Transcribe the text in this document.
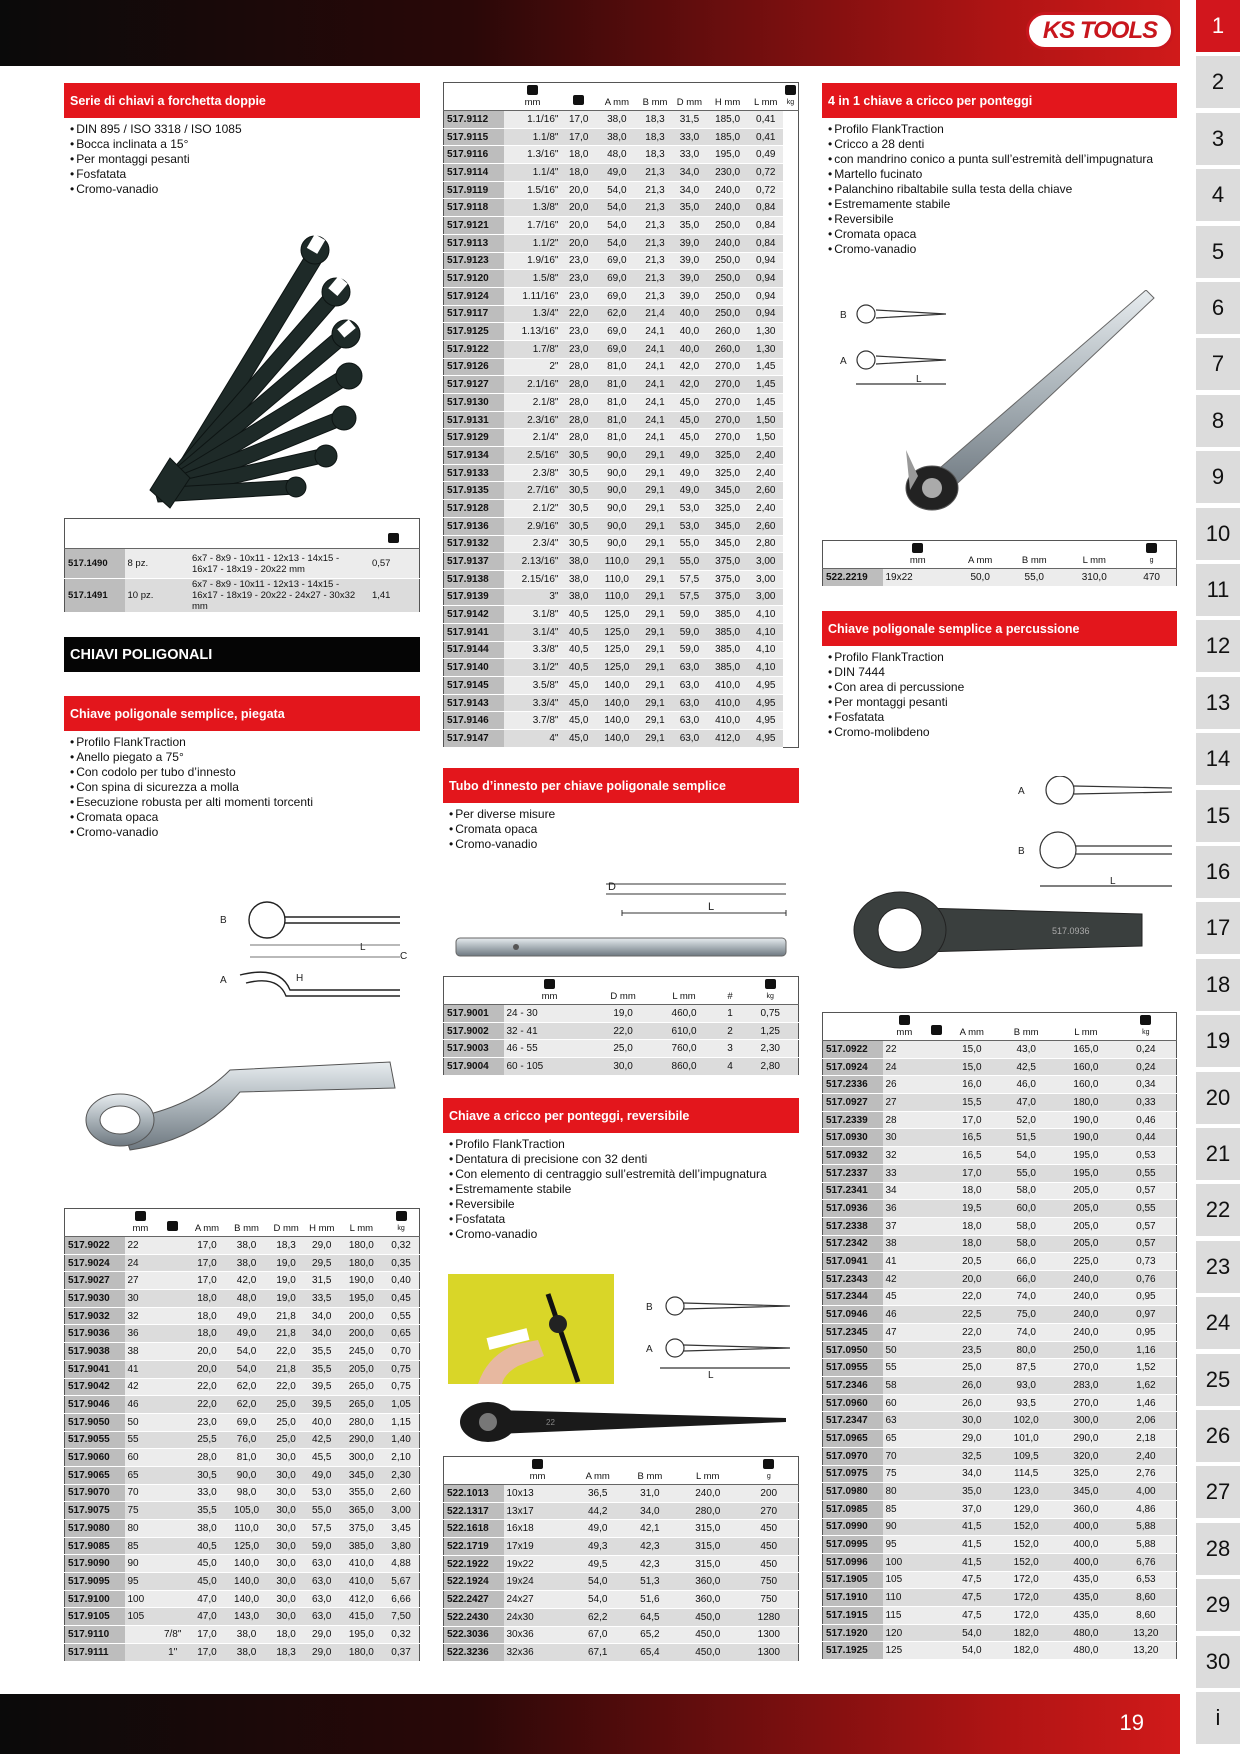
KS TOOLS
19
1
2
3
4
5
6
7
8
9
10
11
12
13
14
15
16
17
18
19
20
21
22
23
24
25
26
27
28
29
30
i
Serie di chiavi a forchetta doppie
• DIN 895 / ISO 3318 / ISO 1085
• Bocca inclinata a 15°
• Per montaggi pesanti
• Fosfatata
• Cromo-vanadio

517.1490	8 pz.	6x7 - 8x9 - 10x11 - 12x13 - 14x15 - 16x17 - 18x19 - 20x22 mm	0,57
517.1491	10 pz.	6x7 - 8x9 - 10x11 - 12x13 - 14x15 - 16x17 - 18x19 - 20x22 - 24x27 - 30x32 mm	1,41
CHIAVI POLIGONALI
Chiave poligonale semplice, piegata
• Profilo FlankTraction
• Anello piegato a 75°
• Con codolo per tubo d’innesto
• Con spina di sicurezza a molla
• Esecuzione robusta per alti momenti torcenti
• Cromata opaca
• Cromo-vanadio
B
A
L
H
C

	mm		A mm	B mm	D mm	H mm	L mm	kg

517.9022	22		17,0	38,0	18,3	29,0	180,0	0,32
517.9024	24		17,0	38,0	19,0	29,5	180,0	0,35
517.9027	27		17,0	42,0	19,0	31,5	190,0	0,40
517.9030	30		18,0	48,0	19,0	33,5	195,0	0,45
517.9032	32		18,0	49,0	21,8	34,0	200,0	0,55
517.9036	36		18,0	49,0	21,8	34,0	200,0	0,65
517.9038	38		20,0	54,0	22,0	35,5	245,0	0,70
517.9041	41		20,0	54,0	21,8	35,5	205,0	0,75
517.9042	42		22,0	62,0	22,0	39,5	265,0	0,75
517.9046	46		22,0	62,0	25,0	39,5	265,0	1,05
517.9050	50		23,0	69,0	25,0	40,0	280,0	1,15
517.9055	55		25,5	76,0	25,0	42,5	290,0	1,40
517.9060	60		28,0	81,0	30,0	45,5	300,0	2,10
517.9065	65		30,5	90,0	30,0	49,0	345,0	2,30
517.9070	70		33,0	98,0	30,0	53,0	355,0	2,60
517.9075	75		35,5	105,0	30,0	55,0	365,0	3,00
517.9080	80		38,0	110,0	30,0	57,5	375,0	3,45
517.9085	85		40,5	125,0	30,0	59,0	385,0	3,80
517.9090	90		45,0	140,0	30,0	63,0	410,0	4,88
517.9095	95		45,0	140,0	30,0	63,0	410,0	5,67
517.9100	100		47,0	140,0	30,0	63,0	412,0	6,66
517.9105	105		47,0	143,0	30,0	63,0	415,0	7,50
517.9110		7/8"	17,0	38,0	18,0	29,0	195,0	0,32
517.9111		1"	17,0	38,0	18,3	29,0	180,0	0,37

	mm		A mm	B mm	D mm	H mm	L mm	kg

517.9112	1.1/16"	17,0	38,0	18,3	31,5	185,0	0,41	
517.9115	1.1/8"	17,0	38,0	18,3	33,0	185,0	0,41	
517.9116	1.3/16"	18,0	48,0	18,3	33,0	195,0	0,49	
517.9114	1.1/4"	18,0	49,0	21,3	34,0	230,0	0,72	
517.9119	1.5/16"	20,0	54,0	21,3	34,0	240,0	0,72	
517.9118	1.3/8"	20,0	54,0	21,3	35,0	240,0	0,84	
517.9121	1.7/16"	20,0	54,0	21,3	35,0	250,0	0,84	
517.9113	1.1/2"	20,0	54,0	21,3	39,0	240,0	0,84	
517.9123	1.9/16"	23,0	69,0	21,3	39,0	250,0	0,94	
517.9120	1.5/8"	23,0	69,0	21,3	39,0	250,0	0,94	
517.9124	1.11/16"	23,0	69,0	21,3	39,0	250,0	0,94	
517.9117	1.3/4"	22,0	62,0	21,4	40,0	250,0	0,94	
517.9125	1.13/16"	23,0	69,0	24,1	40,0	260,0	1,30	
517.9122	1.7/8"	23,0	69,0	24,1	40,0	260,0	1,30	
517.9126	2"	28,0	81,0	24,1	42,0	270,0	1,45	
517.9127	2.1/16"	28,0	81,0	24,1	42,0	270,0	1,45	
517.9130	2.1/8"	28,0	81,0	24,1	45,0	270,0	1,45	
517.9131	2.3/16"	28,0	81,0	24,1	45,0	270,0	1,50	
517.9129	2.1/4"	28,0	81,0	24,1	45,0	270,0	1,50	
517.9134	2.5/16"	30,5	90,0	29,1	49,0	325,0	2,40	
517.9133	2.3/8"	30,5	90,0	29,1	49,0	325,0	2,40	
517.9135	2.7/16"	30,5	90,0	29,1	49,0	345,0	2,60	
517.9128	2.1/2"	30,5	90,0	29,1	53,0	325,0	2,40	
517.9136	2.9/16"	30,5	90,0	29,1	53,0	345,0	2,60	
517.9132	2.3/4"	30,5	90,0	29,1	55,0	345,0	2,80	
517.9137	2.13/16"	38,0	110,0	29,1	55,0	375,0	3,00	
517.9138	2.15/16"	38,0	110,0	29,1	57,5	375,0	3,00	
517.9139	3"	38,0	110,0	29,1	57,5	375,0	3,00	
517.9142	3.1/8"	40,5	125,0	29,1	59,0	385,0	4,10	
517.9141	3.1/4"	40,5	125,0	29,1	59,0	385,0	4,10	
517.9144	3.3/8"	40,5	125,0	29,1	59,0	385,0	4,10	
517.9140	3.1/2"	40,5	125,0	29,1	63,0	385,0	4,10	
517.9145	3.5/8"	45,0	140,0	29,1	63,0	410,0	4,95	
517.9143	3.3/4"	45,0	140,0	29,1	63,0	410,0	4,95	
517.9146	3.7/8"	45,0	140,0	29,1	63,0	410,0	4,95	
517.9147	4"	45,0	140,0	29,1	63,0	412,0	4,95	
Tubo d’innesto per chiave poligonale semplice
• Per diverse misure
• Cromata opaca
• Cromo-vanadio
D
L

	mm	D mm	L mm	#	kg

517.9001	24 - 30	19,0	460,0	1	0,75
517.9002	32 - 41	22,0	610,0	2	1,25
517.9003	46 - 55	25,0	760,0	3	2,30
517.9004	60 - 105	30,0	860,0	4	2,80
Chiave a cricco per ponteggi, reversibile
• Profilo FlankTraction
• Dentatura di precisione con 32 denti
• Con elemento di centraggio sull’estremità dell’impugnatura
• Estremamente stabile
• Reversibile
• Fosfatata
• Cromo-vanadio
B
A
L
22

	mm	A mm	B mm	L mm	g

522.1013	10x13	36,5	31,0	240,0	200
522.1317	13x17	44,2	34,0	280,0	270
522.1618	16x18	49,0	42,1	315,0	450
522.1719	17x19	49,3	42,3	315,0	450
522.1922	19x22	49,5	42,3	315,0	450
522.1924	19x24	54,0	51,3	360,0	750
522.2427	24x27	54,0	51,6	360,0	750
522.2430	24x30	62,2	64,5	450,0	1280
522.3036	30x36	67,0	65,2	450,0	1300
522.3236	32x36	67,1	65,4	450,0	1300
4 in 1 chiave a cricco per ponteggi
• Profilo FlankTraction
• Cricco a 28 denti
• con mandrino conico a punta sull’estremità dell’impugnatura
• Martello fucinato
• Palanchino ribaltabile sulla testa della chiave
• Estremamente stabile
• Reversibile
• Cromata opaca
• Cromo-vanadio
B
A
L

	mm	A mm	B mm	L mm	g

522.2219	19x22	50,0	55,0	310,0	470
Chiave poligonale semplice a percussione
• Profilo FlankTraction
• DIN 7444
• Con area di percussione
• Per montaggi pesanti
• Fosfatata
• Cromo-molibdeno
A
B
L
517.0936

	mm		A mm	B mm	L mm	kg

517.0922	22		15,0	43,0	165,0	0,24
517.0924	24		15,0	42,5	160,0	0,24
517.2336	26		16,0	46,0	160,0	0,34
517.0927	27		15,5	47,0	180,0	0,33
517.2339	28		17,0	52,0	190,0	0,46
517.0930	30		16,5	51,5	190,0	0,44
517.0932	32		16,5	54,0	195,0	0,53
517.2337	33		17,0	55,0	195,0	0,55
517.2341	34		18,0	58,0	205,0	0,57
517.0936	36		19,5	60,0	205,0	0,55
517.2338	37		18,0	58,0	205,0	0,57
517.2342	38		18,0	58,0	205,0	0,57
517.0941	41		20,5	66,0	225,0	0,73
517.2343	42		20,0	66,0	240,0	0,76
517.2344	45		22,0	74,0	240,0	0,95
517.0946	46		22,5	75,0	240,0	0,97
517.2345	47		22,0	74,0	240,0	0,95
517.0950	50		23,5	80,0	250,0	1,16
517.0955	55		25,0	87,5	270,0	1,52
517.2346	58		26,0	93,0	283,0	1,62
517.0960	60		26,0	93,5	270,0	1,46
517.2347	63		30,0	102,0	300,0	2,06
517.0965	65		29,0	101,0	290,0	2,18
517.0970	70		32,5	109,5	320,0	2,40
517.0975	75		34,0	114,5	325,0	2,76
517.0980	80		35,0	123,0	345,0	4,00
517.0985	85		37,0	129,0	360,0	4,86
517.0990	90		41,5	152,0	400,0	5,88
517.0995	95		41,5	152,0	400,0	5,88
517.0996	100		41,5	152,0	400,0	6,76
517.1905	105		47,5	172,0	435,0	6,53
517.1910	110		47,5	172,0	435,0	8,60
517.1915	115		47,5	172,0	435,0	8,60
517.1920	120		54,0	182,0	480,0	13,20
517.1925	125		54,0	182,0	480,0	13,20
